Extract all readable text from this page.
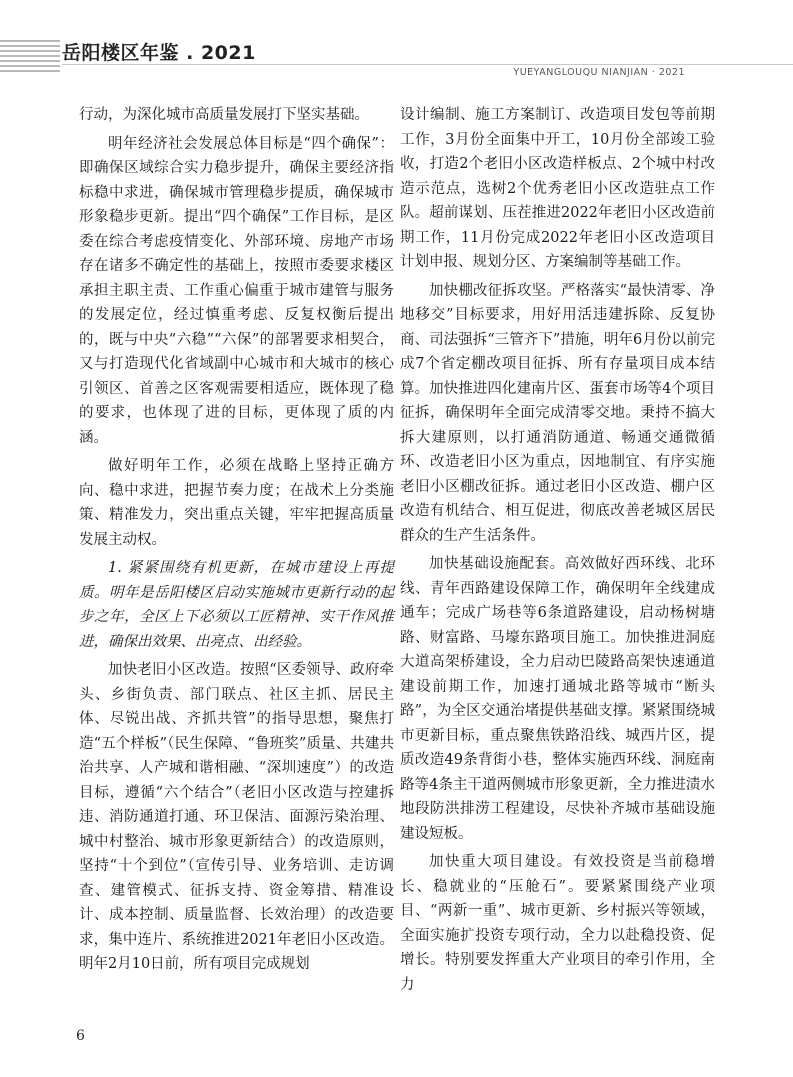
岳阳楼区年鉴 . 2021
YUEYANGLOUQU NIANJIAN · 2021

行动，为深化城市高质量发展打下坚实基础。

明年经济社会发展总体目标是“四个确保”：即确保区域综合实力稳步提升，确保主要经济指标稳中求进，确保城市管理稳步提质，确保城市形象稳步更新。提出“四个确保”工作目标，是区委在综合考虑疫情变化、外部环境、房地产市场存在诸多不确定性的基础上，按照市委要求楼区承担主职主责、工作重心偏重于城市建管与服务的发展定位，经过慎重考虑、反复权衡后提出的，既与中央“六稳”“六保”的部署要求相契合，又与打造现代化省域副中心城市和大城市的核心引领区、首善之区客观需要相适应，既体现了稳的要求，也体现了进的目标，更体现了质的内涵。

做好明年工作，必须在战略上坚持正确方向、稳中求进，把握节奏力度；在战术上分类施策、精准发力，突出重点关键，牢牢把握高质量发展主动权。

1. 紧紧围绕有机更新，在城市建设上再提质。明年是岳阳楼区启动实施城市更新行动的起步之年，全区上下必须以工匠精神、实干作风推进，确保出效果、出亮点、出经验。

加快老旧小区改造。按照“区委领导、政府牵头、乡街负责、部门联点、社区主抓、居民主体、尽锐出战、齐抓共管”的指导思想，聚焦打造“五个样板”（民生保障、“鲁班奖”质量、共建共治共享、人产城和谐相融、“深圳速度”）的改造目标，遵循“六个结合”（老旧小区改造与控建拆违、消防通道打通、环卫保洁、面源污染治理、城中村整治、城市形象更新结合）的改造原则，坚持“十个到位”（宣传引导、业务培训、走访调查、建管模式、征拆支持、资金筹措、精准设计、成本控制、质量监督、长效治理）的改造要求，集中连片、系统推进2021年老旧小区改造。明年2月10日前，所有项目完成规划

设计编制、施工方案制订、改造项目发包等前期工作，3月份全面集中开工，10月份全部竣工验收，打造2个老旧小区改造样板点、2个城中村改造示范点，选树2个优秀老旧小区改造驻点工作队。超前谋划、压茬推进2022年老旧小区改造前期工作，11月份完成2022年老旧小区改造项目计划申报、规划分区、方案编制等基础工作。

加快棚改征拆攻坚。严格落实“最快清零、净地移交”目标要求，用好用活违建拆除、反复协商、司法强拆“三管齐下”措施，明年6月份以前完成7个省定棚改项目征拆、所有存量项目成本结算。加快推进四化建南片区、蛋套市场等4个项目征拆，确保明年全面完成清零交地。秉持不搞大拆大建原则，以打通消防通道、畅通交通微循环、改造老旧小区为重点，因地制宜、有序实施老旧小区棚改征拆。通过老旧小区改造、棚户区改造有机结合、相互促进，彻底改善老城区居民群众的生产生活条件。

加快基础设施配套。高效做好西环线、北环线、青年西路建设保障工作，确保明年全线建成通车；完成广场巷等6条道路建设，启动杨树塘路、财富路、马壕东路项目施工。加快推进洞庭大道高架桥建设，全力启动巴陵路高架快速通道建设前期工作，加速打通城北路等城市“断头路”，为全区交通治堵提供基础支撑。紧紧围绕城市更新目标，重点聚焦铁路沿线、城西片区，提质改造49条背街小巷，整体实施西环线、洞庭南路等4条主干道两侧城市形象更新，全力推进渍水地段防洪排涝工程建设，尽快补齐城市基础设施建设短板。

加快重大项目建设。有效投资是当前稳增长、稳就业的“压舱石”。要紧紧围绕产业项目、“两新一重”、城市更新、乡村振兴等领域，全面实施扩投资专项行动，全力以赴稳投资、促增长。特别要发挥重大产业项目的牵引作用，全力

6
